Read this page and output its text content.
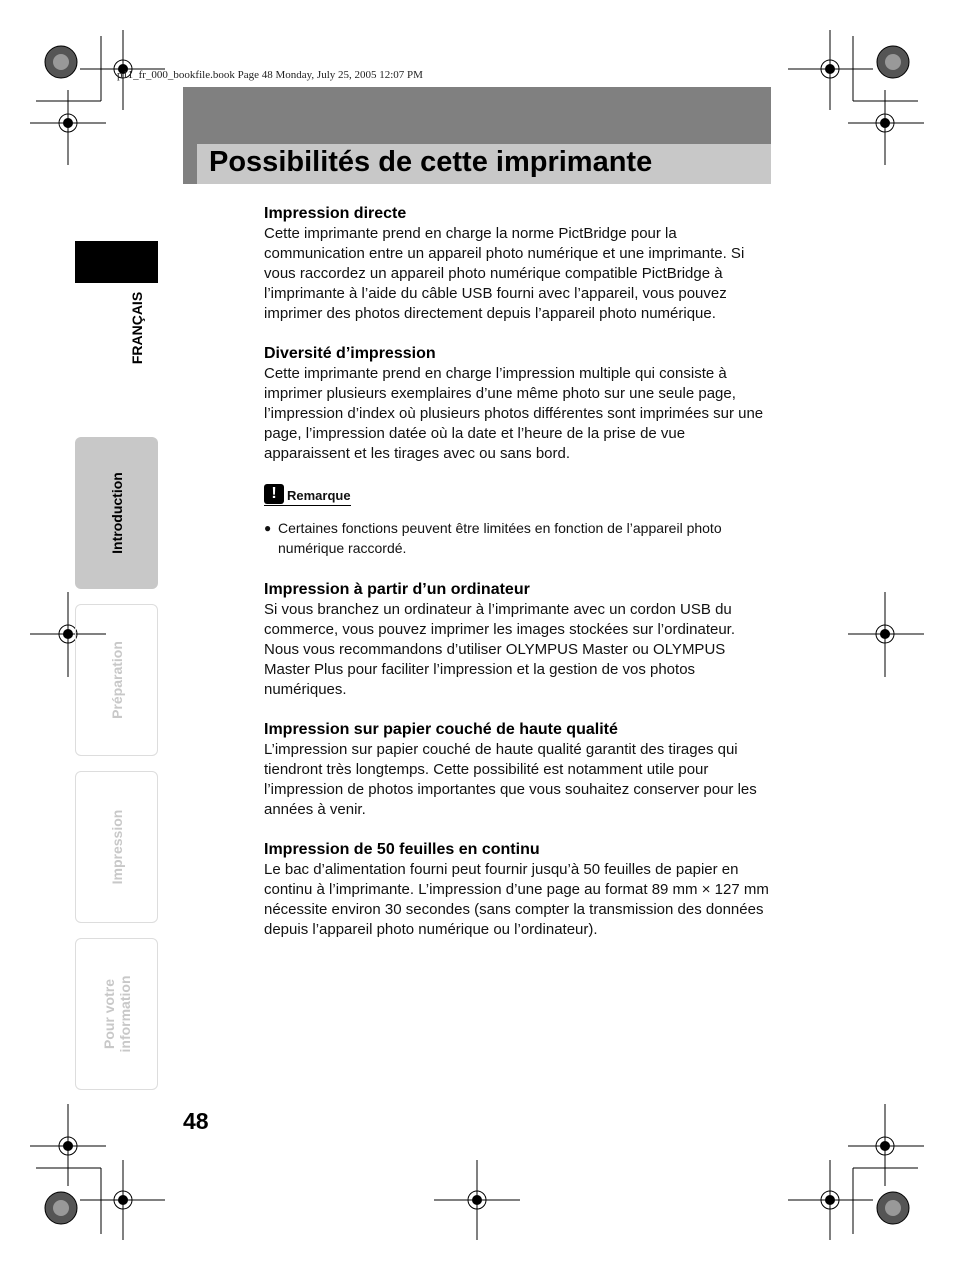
p11_fr_000_bookfile.book Page 48 Monday, July 25, 2005 12:07 PM
Possibilités de cette imprimante
FRANÇAIS
Introduction
Préparation
Impression
Pour votre
information
Impression directe

Cette imprimante prend en charge la norme PictBridge pour la communication entre un appareil photo numérique et une imprimante. Si vous raccordez un appareil photo numérique compatible PictBridge à l’imprimante à l’aide du câble USB fourni avec l’appareil, vous pouvez imprimer des photos directement depuis l’appareil photo numérique.

Diversité d’impression

Cette imprimante prend en charge l’impression multiple qui consiste à imprimer plusieurs exemplaires d’une même photo sur une seule page, l’impression d’index où plusieurs photos différentes sont imprimées sur une page, l’impression datée où la date et l’heure de la prise de vue apparaissent et les tirages avec ou sans bord.

! Remarque
● Certaines fonctions peuvent être limitées en fonction de l’appareil photo numérique raccordé.
Impression à partir d’un ordinateur

Si vous branchez un ordinateur à l’imprimante avec un cordon USB du commerce, vous pouvez imprimer les images stockées sur l’ordinateur. Nous vous recommandons d’utiliser OLYMPUS Master ou OLYMPUS Master Plus pour faciliter l’impression et la gestion de vos photos numériques.

Impression sur papier couché de haute qualité

L’impression sur papier couché de haute qualité garantit des tirages qui tiendront très longtemps. Cette possibilité est notamment utile pour l’impression de photos importantes que vous souhaitez conserver pour les années à venir.

Impression de 50 feuilles en continu

Le bac d’alimentation fourni peut fournir jusqu’à 50 feuilles de papier en continu à l’imprimante. L’impression d’une page au format 89 mm × 127 mm nécessite environ 30 secondes (sans compter la transmission des données depuis l’appareil photo numérique ou l’ordinateur).

48
